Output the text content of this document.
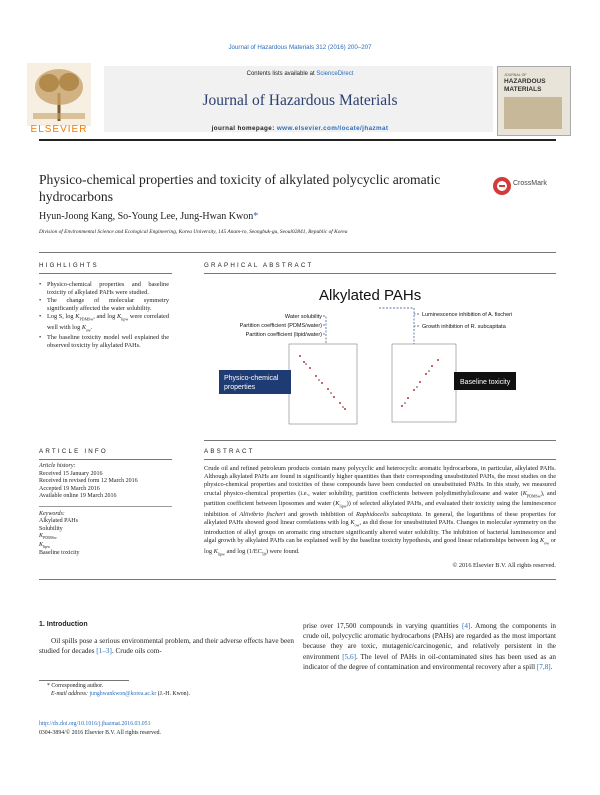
Journal of Hazardous Materials 312 (2016) 200–207
Contents lists available at ScienceDirect
Journal of Hazardous Materials
journal homepage: www.elsevier.com/locate/jhazmat
ELSEVIER
JOURNAL OF
HAZARDOUS
MATERIALS
Physico-chemical properties and toxicity of alkylated polycyclic aromatic hydrocarbons
CrossMark
Hyun-Joong Kang, So-Young Lee, Jung-Hwan Kwon*
Division of Environmental Science and Ecological Engineering, Korea University, 145 Anam-ro, Seongbuk-gu, Seoul02841, Republic of Korea
HIGHLIGHTS
• Physico-chemical properties and baseline toxicity of alkylated PAHs were studied.
• The change of molecular symmetry significantly affected the water solubility.
• Log S, $\log K_{PDMSw}$, and $\log K_{lipw}$ were correlated well with $\log K_{ow}$.
• The baseline toxicity model well explained the observed toxicity by alkylated PAHs.
GRAPHICAL ABSTRACT
Alkylated PAHs
Water solubility
Partition coefficient (PDMS/water)
Partition coefficient (lipid/water)
Luminescence inhibition of A. fischeri
Growth inhibition of R. subcapitata
Physico-chemical
properties
Baseline toxicity
ARTICLE INFO
Article history:
Received 15 January 2016
Received in revised form 12 March 2016
Accepted 19 March 2016
Available online 19 March 2016
Keywords:
Alkylated PAHs
Solubility
$K_{PDMSw}$
$K_{lipw}$
Baseline toxicity
ABSTRACT
Crude oil and refined petroleum products contain many polycyclic and heterocyclic aromatic hydrocarbons, in particular, alkylated PAHs. Although alkylated PAHs are found in significantly higher quantities than their corresponding unsubstituted PAHs, the most studies on the physico-chemical properties and toxicities of these compounds have been conducted on unsubstituted PAHs. In this study, we measured crucial physico-chemical properties (i.e., water solubility, partition coefficients between polydimethylsiloxane and water $(K_{PDMSw})$, and partition coefficient between liposomes and water $(K_{lipw})$) of selected alkylated PAHs, and evaluated their toxicity using the luminescence inhibition of Aliivibrio fischeri and growth inhibition of Raphidocelis subcapitata. In general, the logarithms of these properties for alkylated PAHs showed good linear correlations with $\log K_{ow}$, as did those for unsubstituted PAHs. Changes in molecular symmetry on the introduction of alkyl groups on aromatic ring structure significantly altered water solubility. The inhibition of bacterial luminescence and algal growth by alkylated PAHs can be explained well by the baseline toxicity hypothesis, and good linear relationships between $\log K_{ow}$ or $\log K_{lipw}$ and $\log (1/EC_{50})$ were found.
© 2016 Elsevier B.V. All rights reserved.
1. Introduction
Oil spills pose a serious environmental problem, and their adverse effects have been studied for decades [1–3]. Crude oils com-
prise over 17,500 compounds in varying quantities [4]. Among the components in crude oil, polycyclic aromatic hydrocarbons (PAHs) are regarded as the most important because they are toxic, mutagenic/carcinogenic, and relatively persistent in the environment [5,6]. The level of PAHs in oil-contaminated sites has been used as an indicator of the degree of contamination and environmental recovery after a spill [7,8].
* Corresponding author.
E-mail address: junghwankwon@korea.ac.kr (J.-H. Kwon).
http://dx.doi.org/10.1016/j.jhazmat.2016.03.051
0304-3894/© 2016 Elsevier B.V. All rights reserved.
